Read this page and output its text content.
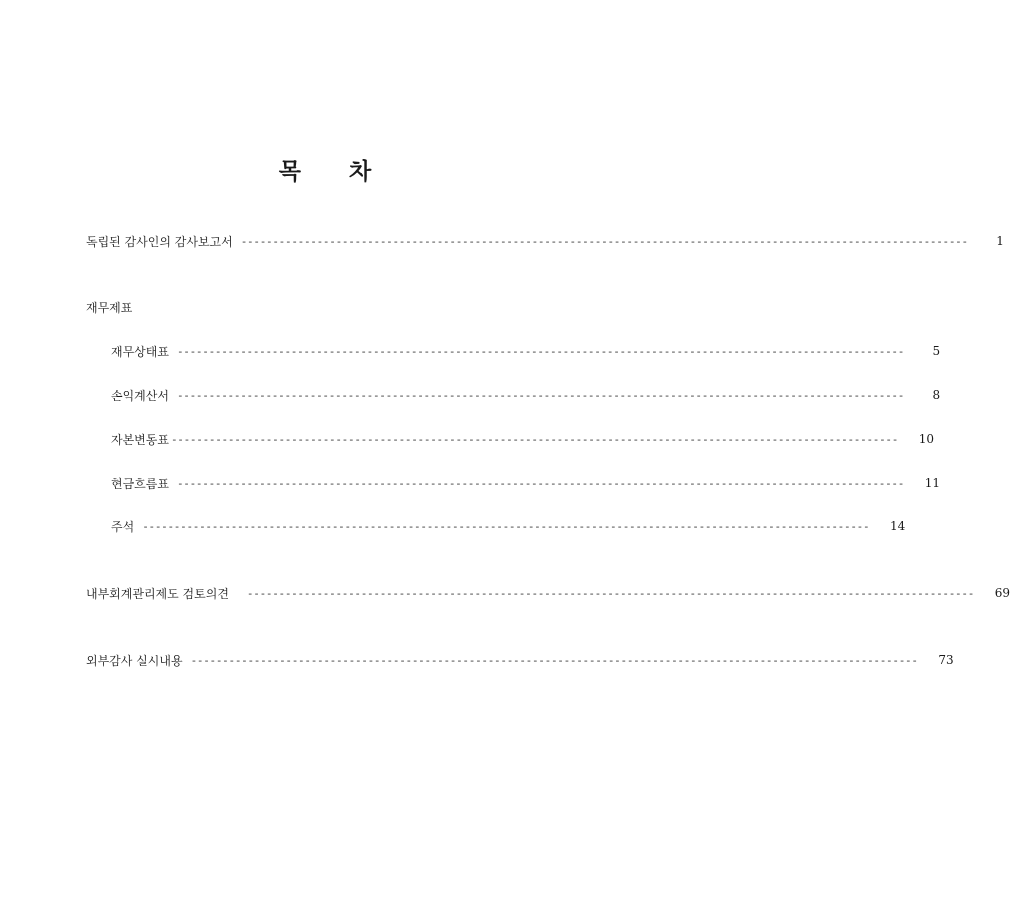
목 차
독립된 감사인의 감사보고서 -------------------------------------------------------------------------------------------------------------------	1
재무제표
재무상태표 -------------------------------------------------------------------------------------------------------------------	5
손익계산서 -------------------------------------------------------------------------------------------------------------------	8
자본변동표 -------------------------------------------------------------------------------------------------------------------	10
현금흐름표 -------------------------------------------------------------------------------------------------------------------	11
주석 -------------------------------------------------------------------------------------------------------------------	14
내부회계관리제도 검토의견 -------------------------------------------------------------------------------------------------------------------	69
외부감사 실시내용 -------------------------------------------------------------------------------------------------------------------	73
